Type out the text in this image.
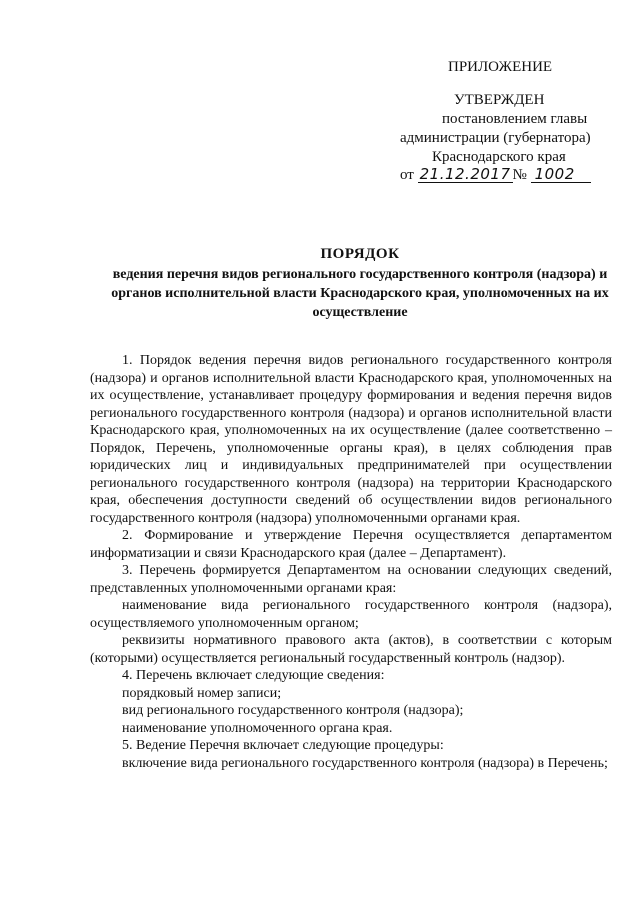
ПРИЛОЖЕНИЕ
УТВЕРЖДЕН
постановлением главы
администрации (губернатора)
Краснодарского края
от 21.12.2017 № 1002
ПОРЯДОК
ведения перечня видов регионального государственного контроля (надзора) и органов исполнительной власти Краснодарского края, уполномоченных на их осуществление

1. Порядок ведения перечня видов регионального государственного контроля (надзора) и органов исполнительной власти Краснодарского края, уполномоченных на их осуществление, устанавливает процедуру формирования и ведения перечня видов регионального государственного контроля (надзора) и органов исполнительной власти Краснодарского края, уполномоченных на их осуществление (далее соответственно – Порядок, Перечень, уполномоченные органы края), в целях соблюдения прав юридических лиц и индивидуальных предпринимателей при осуществлении регионального государственного контроля (надзора) на территории Краснодарского края, обеспечения доступности сведений об осуществлении видов регионального государственного контроля (надзора) уполномоченными органами края.

2. Формирование и утверждение Перечня осуществляется департаментом информатизации и связи Краснодарского края (далее – Департамент).

3. Перечень формируется Департаментом на основании следующих сведений, представленных уполномоченными органами края:

наименование вида регионального государственного контроля (надзора), осуществляемого уполномоченным органом;

реквизиты нормативного правового акта (актов), в соответствии с которым (которыми) осуществляется региональный государственный контроль (надзор).

4. Перечень включает следующие сведения:

порядковый номер записи;

вид регионального государственного контроля (надзора);

наименование уполномоченного органа края.

5. Ведение Перечня включает следующие процедуры:

включение вида регионального государственного контроля (надзора) в Перечень;
